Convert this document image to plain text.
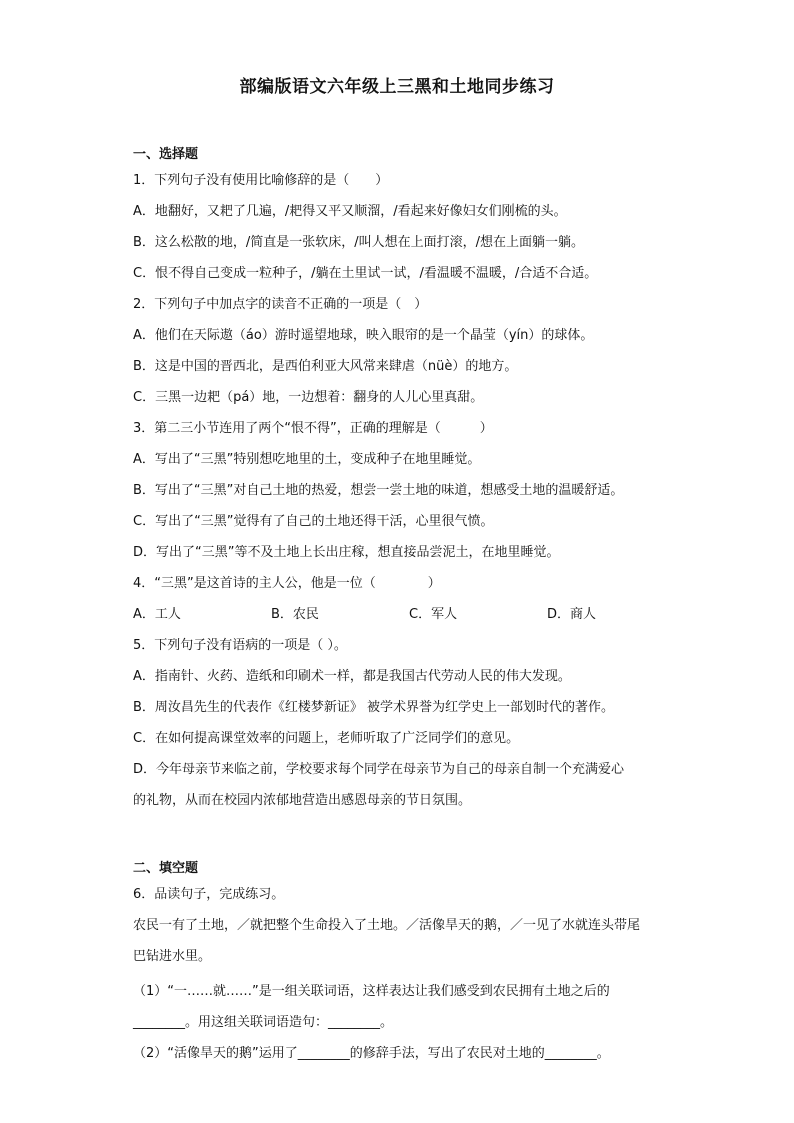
部编版语文六年级上三黑和土地同步练习
一、选择题
1．下列句子没有使用比喻修辞的是（　　）
A．地翻好，又耙了几遍，/耙得又平又顺溜，/看起来好像妇女们刚梳的头。
B．这么松散的地，/简直是一张软床，/叫人想在上面打滚，/想在上面躺一躺。
C．恨不得自己变成一粒种子，/躺在土里试一试，/看温暖不温暖，/合适不合适。
2．下列句子中加点字的读音不正确的一项是（　）
A．他们在天际遨（áo）游时遥望地球，映入眼帘的是一个晶莹（yín）的球体。
B．这是中国的晋西北，是西伯利亚大风常来肆虐（nüè）的地方。
C．三黑一边耙（pá）地，一边想着：翻身的人儿心里真甜。
3．第二三小节连用了两个“恨不得”，正确的理解是（　　　）
A．写出了“三黑”特别想吃地里的土，变成种子在地里睡觉。
B．写出了“三黑”对自己土地的热爱，想尝一尝土地的味道，想感受土地的温暖舒适。
C．写出了“三黑”觉得有了自己的土地还得干活，心里很气愤。
D．写出了“三黑”等不及土地上长出庄稼，想直接品尝泥土，在地里睡觉。
4．“三黑”是这首诗的主人公，他是一位（　　　　）
A．工人	B．农民	C．军人	D．商人
5．下列句子没有语病的一项是（ ）。
A．指南针、火药、造纸和印刷术一样，都是我国古代劳动人民的伟大发现。
B．周汝昌先生的代表作《红楼梦新证》 被学术界誉为红学史上一部划时代的著作。
C．在如何提高课堂效率的问题上，老师听取了广泛同学们的意见。
D．今年母亲节来临之前，学校要求每个同学在母亲节为自己的母亲自制一个充满爱心
的礼物，从而在校园内浓郁地营造出感恩母亲的节日氛围。
二、填空题
6．品读句子，完成练习。
农民一有了土地，／就把整个生命投入了土地。／活像旱天的鹅，／一见了水就连头带尾
巴钻进水里。
（1）“一……就……”是一组关联词语，这样表达让我们感受到农民拥有土地之后的
________。用这组关联词语造句：________。
（2）“活像旱天的鹅”运用了________的修辞手法，写出了农民对土地的________。
